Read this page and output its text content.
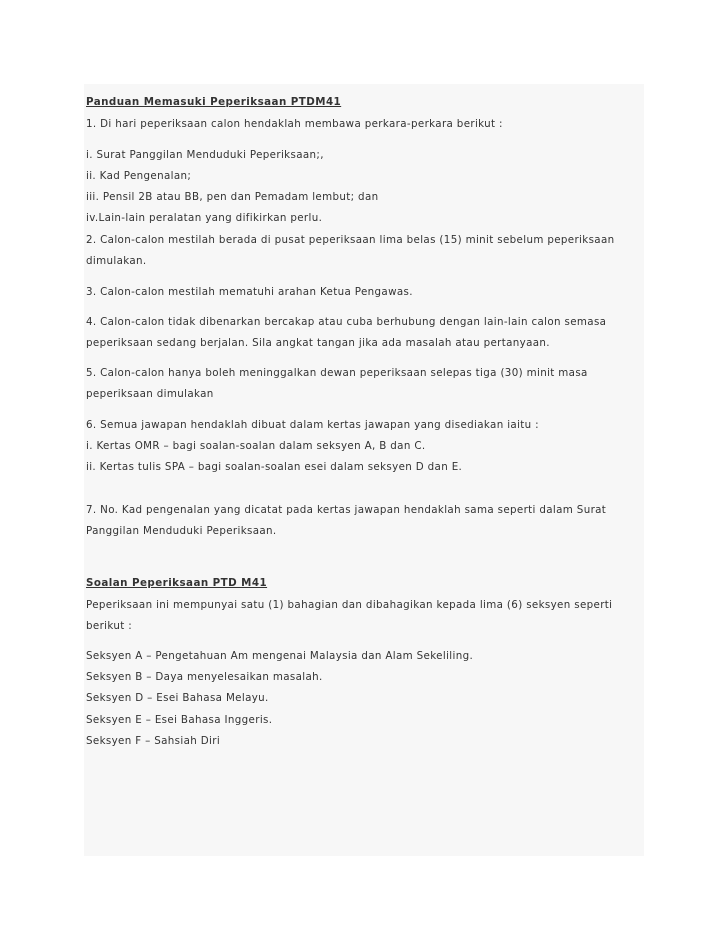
Panduan Memasuki Peperiksaan PTDM41
1. Di hari peperiksaan calon hendaklah membawa perkara-perkara berikut :
i. Surat Panggilan Menduduki Peperiksaan;,
ii. Kad Pengenalan;
iii. Pensil 2B atau BB, pen dan Pemadam lembut; dan
iv.Lain-lain peralatan yang difikirkan perlu.
2. Calon-calon mestilah berada di pusat peperiksaan lima belas (15) minit sebelum peperiksaan
dimulakan.
3. Calon-calon mestilah mematuhi arahan Ketua Pengawas.
4. Calon-calon tidak dibenarkan bercakap atau cuba berhubung dengan lain-lain calon semasa
peperiksaan sedang berjalan. Sila angkat tangan jika ada masalah atau pertanyaan.
5. Calon-calon hanya boleh meninggalkan dewan peperiksaan selepas tiga (30) minit masa
peperiksaan dimulakan
6. Semua jawapan hendaklah dibuat dalam kertas jawapan yang disediakan iaitu :
i. Kertas OMR – bagi soalan-soalan dalam seksyen A, B dan C.
ii. Kertas tulis SPA – bagi soalan-soalan esei dalam seksyen D dan E.
7. No. Kad pengenalan yang dicatat pada kertas jawapan hendaklah sama seperti dalam Surat
Panggilan Menduduki Peperiksaan.
Soalan Peperiksaan PTD M41
Peperiksaan ini mempunyai satu (1) bahagian dan dibahagikan kepada lima (6) seksyen seperti
berikut :
Seksyen A – Pengetahuan Am mengenai Malaysia dan Alam Sekeliling.
Seksyen B – Daya menyelesaikan masalah.
Seksyen D – Esei Bahasa Melayu.
Seksyen E – Esei Bahasa Inggeris.
Seksyen F – Sahsiah Diri
